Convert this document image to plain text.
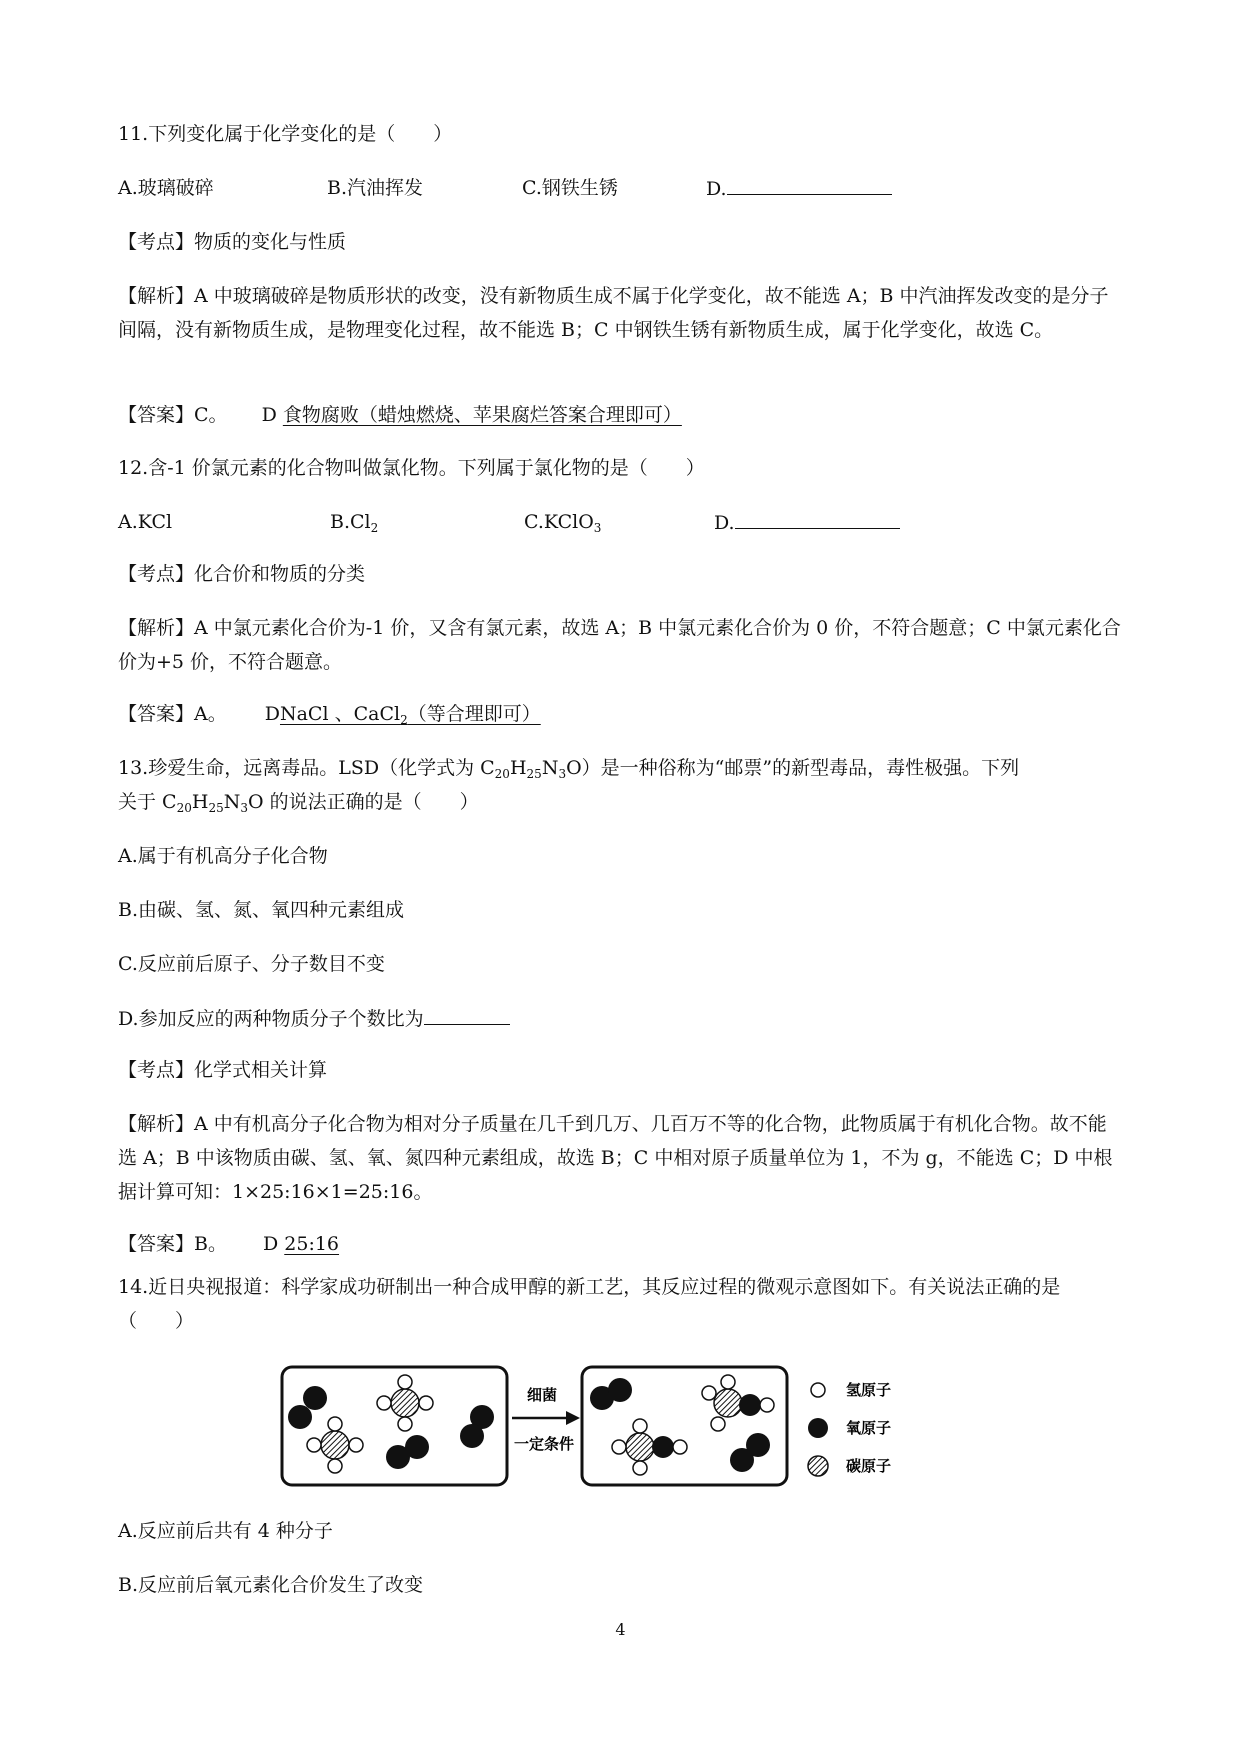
11.下列变化属于化学变化的是（　　）
A.玻璃破碎	B.汽油挥发	C.钢铁生锈	D.
【考点】物质的变化与性质
【解析】A 中玻璃破碎是物质形状的改变，没有新物质生成不属于化学变化，故不能选 A；B 中汽油挥发改变的是分子间隔，没有新物质生成，是物理变化过程，故不能选 B；C 中钢铁生锈有新物质生成，属于化学变化，故选 C。
【答案】C。 D 食物腐败（蜡烛燃烧、苹果腐烂答案合理即可）
12.含-1 价氯元素的化合物叫做氯化物。下列属于氯化物的是（　　）
A.KCl	$B.Cl_2$	C.KClO$_3$	D.
【考点】化合价和物质的分类
【解析】A 中氯元素化合价为-1 价，又含有氯元素，故选 A；B 中氯元素化合价为 0 价，不符合题意；C 中氯元素化合价为+5 价，不符合题意。
【答案】A。 DNaCl 、CaCl$_2$（等合理即可）
13.珍爱生命，远离毒品。LSD（化学式为 $C_{20}H_{25}N_3O$）是一种俗称为“邮票”的新型毒品，毒性极强。下列
关于 $C_{20}H_{25}N_3O$ 的说法正确的是（　　）
A.属于有机高分子化合物
B.由碳、氢、氮、氧四种元素组成
C.反应前后原子、分子数目不变
D.参加反应的两种物质分子个数比为
【考点】化学式相关计算
【解析】A 中有机高分子化合物为相对分子质量在几千到几万、几百万不等的化合物，此物质属于有机化合物。故不能选 A；B 中该物质由碳、氢、氧、氮四种元素组成，故选 B；C 中相对原子质量单位为 1，不为 g，不能选 C；D 中根据计算可知：1×25:16×1=25:16。
【答案】B。 D 25:16
14.近日央视报道：科学家成功研制出一种合成甲醇的新工艺，其反应过程的微观示意图如下。有关说法正确的是（　　）
细菌
一定条件
氢原子
氧原子
碳原子
A.反应前后共有 4 种分子
B.反应前后氧元素化合价发生了改变
4
